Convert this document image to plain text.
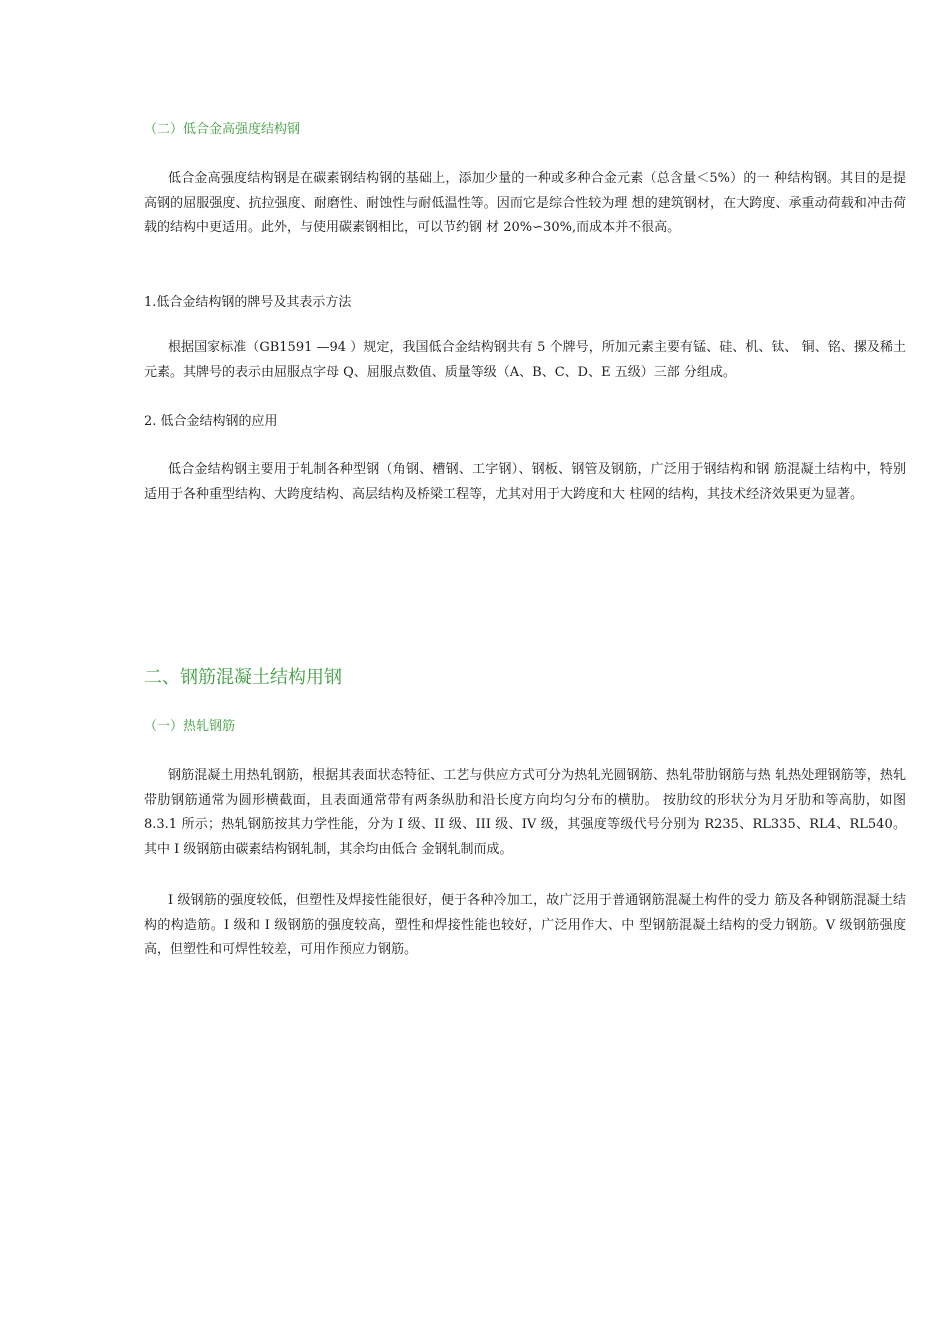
（二）低合金高强度结构钢

低合金高强度结构钢是在碳素钢结构钢的基础上，添加少量的一种或多种合金元素（总含量＜5%）的一 种结构钢。其目的是提高钢的屈服强度、抗拉强度、耐磨性、耐蚀性与耐低温性等。因而它是综合性较为理 想的建筑钢材，在大跨度、承重动荷载和冲击荷载的结构中更适用。此外，与使用碳素钢相比，可以节约钢 材 20%∽30%,而成本并不很高。

1.低合金结构钢的牌号及其表示方法

根据国家标准（GB1591 —94 ）规定，我国低合金结构钢共有 5 个牌号，所加元素主要有锰、硅、机、钛、 铜、铭、摞及稀土元素。其牌号的表示由屈服点字母 Q、屈服点数值、质量等级（A、B、C、D、E 五级）三部 分组成。

2. 低合金结构钢的应用

低合金结构钢主要用于轧制各种型钢（角钢、槽钢、工字钢）、钢板、钢管及钢筋，广泛用于钢结构和钢 筋混凝土结构中，特别适用于各种重型结构、大跨度结构、高层结构及桥梁工程等，尤其对用于大跨度和大 柱网的结构，其技术经济效果更为显著。

二、钢筋混凝土结构用钢

（一）热轧钢筋

钢筋混凝土用热轧钢筋，根据其表面状态特征、工艺与供应方式可分为热轧光圆钢筋、热轧带肋钢筋与热 轧热处理钢筋等，热轧带肋钢筋通常为圆形横截面，且表面通常带有两条纵肋和沿长度方向均匀分布的横肋。 按肋纹的形状分为月牙肋和等高肋，如图 8.3.1 所示；热轧钢筋按其力学性能，分为 I 级、II 级、III 级、IV 级，其强度等级代号分别为 R235、RL335、RL4、RL540。其中 I 级钢筋由碳素结构钢轧制，其余均由低合 金钢轧制而成。

I 级钢筋的强度较低，但塑性及焊接性能很好，便于各种冷加工，故广泛用于普通钢筋混凝土构件的受力 筋及各种钢筋混凝土结构的构造筋。I 级和 I 级钢筋的强度较高，塑性和焊接性能也较好，广泛用作大、中 型钢筋混凝土结构的受力钢筋。V 级钢筋强度高，但塑性和可焊性较差，可用作预应力钢筋。
